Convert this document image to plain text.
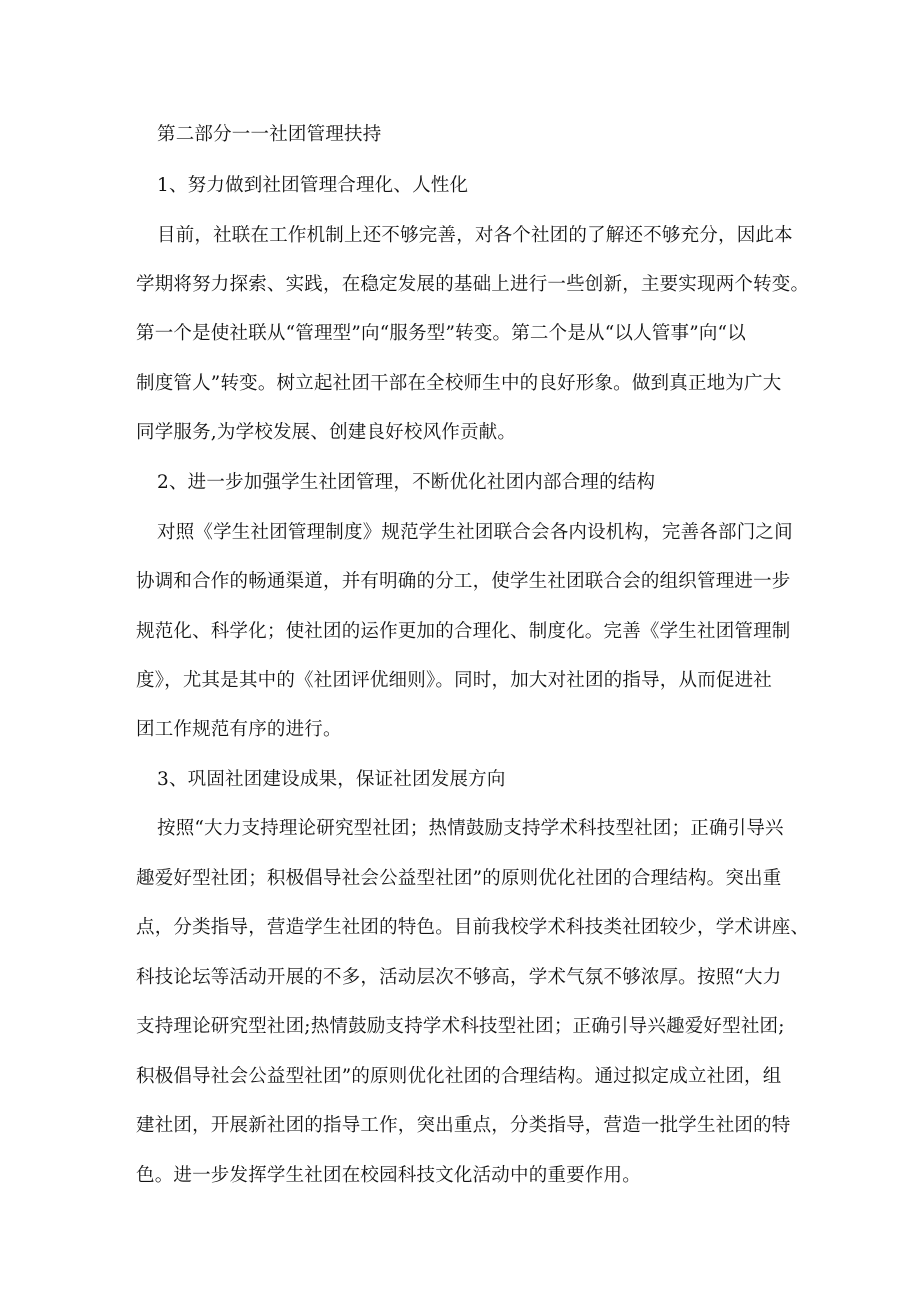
第二部分一一社团管理扶持
1、努力做到社团管理合理化、人性化
目前，社联在工作机制上还不够完善，对各个社团的了解还不够充分，因此本
学期将努力探索、实践，在稳定发展的基础上进行一些创新，主要实现两个转变。
第一个是使社联从“管理型”向“服务型”转变。第二个是从“以人管事”向“以
制度管人”转变。树立起社团干部在全校师生中的良好形象。做到真正地为广大
同学服务,为学校发展、创建良好校风作贡献。
2、进一步加强学生社团管理，不断优化社团内部合理的结构
对照《学生社团管理制度》规范学生社团联合会各内设机构，完善各部门之间
协调和合作的畅通渠道，并有明确的分工，使学生社团联合会的组织管理进一步
规范化、科学化；使社团的运作更加的合理化、制度化。完善《学生社团管理制
度》，尤其是其中的《社团评优细则》。同时，加大对社团的指导，从而促进社
团工作规范有序的进行。
3、巩固社团建设成果，保证社团发展方向
按照“大力支持理论研究型社团；热情鼓励支持学术科技型社团；正确引导兴
趣爱好型社团；积极倡导社会公益型社团”的原则优化社团的合理结构。突出重
点，分类指导，营造学生社团的特色。目前我校学术科技类社团较少，学术讲座、
科技论坛等活动开展的不多，活动层次不够高，学术气氛不够浓厚。按照“大力
支持理论研究型社团;热情鼓励支持学术科技型社团；正确引导兴趣爱好型社团;
积极倡导社会公益型社团”的原则优化社团的合理结构。通过拟定成立社团，组
建社团，开展新社团的指导工作，突出重点，分类指导，营造一批学生社团的特
色。进一步发挥学生社团在校园科技文化活动中的重要作用。
